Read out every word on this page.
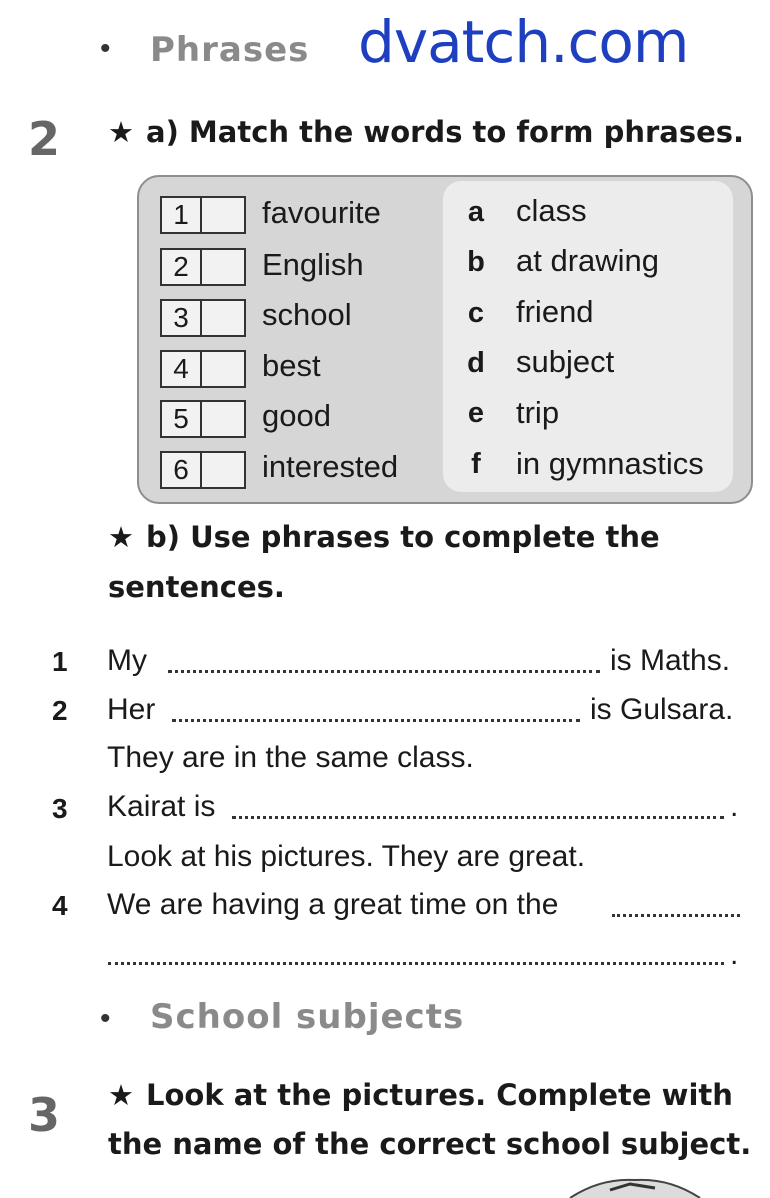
• Phrases dvatch.com
2 ★ a) Match the words to form phrases.
1	favourite
2	English
3	school
4	best
5	good
6	interested
a class
b at drawing
c friend
d subject
e trip
f in gymnastics
★ b) Use phrases to complete the
sentences.
1 My	is Maths.
2 Her	is Gulsara.
They are in the same class.
3 Kairat is	.
Look at his pictures. They are great.
4 We are having a great time on the
.
• School subjects
3 ★ Look at the pictures. Complete with
the name of the correct school subject.
